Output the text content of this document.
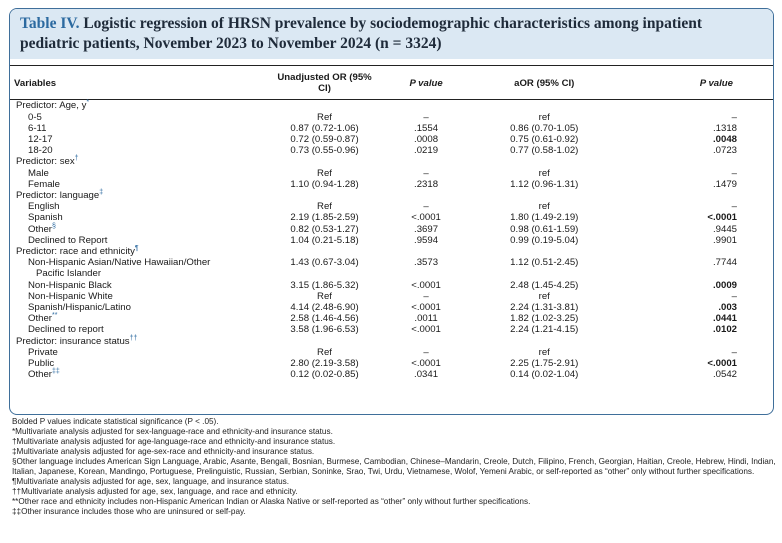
Table IV. Logistic regression of HRSN prevalence by sociodemographic characteristics among inpatient pediatric patients, November 2023 to November 2024 (n = 3324)
Variables	Unadjusted OR (95% CI)	P value	aOR (95% CI)	P value
Predictor: Age, y*				
0-5	Ref	–	ref	–
6-11	0.87 (0.72-1.06)	.1554	0.86 (0.70-1.05)	.1318
12-17	0.72 (0.59-0.87)	.0008	0.75 (0.61-0.92)	.0048
18-20	0.73 (0.55-0.96)	.0219	0.77 (0.58-1.02)	.0723
Predictor: sex†				
Male	Ref	–	ref	–
Female	1.10 (0.94-1.28)	.2318	1.12 (0.96-1.31)	.1479
Predictor: language‡				
English	Ref	–	ref	–
Spanish	2.19 (1.85-2.59)	<.0001	1.80 (1.49-2.19)	<.0001
Other§	0.82 (0.53-1.27)	.3697	0.98 (0.61-1.59)	.9445
Declined to Report	1.04 (0.21-5.18)	.9594	0.99 (0.19-5.04)	.9901
Predictor: race and ethnicity¶				
Non-Hispanic Asian/Native Hawaiian/Other	1.43 (0.67-3.04)	.3573	1.12 (0.51-2.45)	.7744
Pacific Islander				
Non-Hispanic Black	3.15 (1.86-5.32)	<.0001	2.48 (1.45-4.25)	.0009
Non-Hispanic White	Ref	–	ref	–
Spanish/Hispanic/Latino	4.14 (2.48-6.90)	<.0001	2.24 (1.31-3.81)	.003
Other**	2.58 (1.46-4.56)	.0011	1.82 (1.02-3.25)	.0441
Declined to report	3.58 (1.96-6.53)	<.0001	2.24 (1.21-4.15)	.0102
Predictor: insurance status††				
Private	Ref	–	ref	–
Public	2.80 (2.19-3.58)	<.0001	2.25 (1.75-2.91)	<.0001
Other‡‡	0.12 (0.02-0.85)	.0341	0.14 (0.02-1.04)	.0542
Bolded P values indicate statistical significance (P < .05).
*Multivariate analysis adjusted for sex-language-race and ethnicity-and insurance status.
†Multivariate analysis adjusted for age-language-race and ethnicity-and insurance status.
‡Multivariate analysis adjusted for age-sex-race and ethnicity-and insurance status.
§Other language includes American Sign Language, Arabic, Asante, Bengali, Bosnian, Burmese, Cambodian, Chinese–Mandarin, Creole, Dutch, Filipino, French, Georgian, Haitian, Creole, Hebrew, Hindi, Indian, Italian, Japanese, Korean, Mandingo, Portuguese, Prelinguistic, Russian, Serbian, Soninke, Srao, Twi, Urdu, Vietnamese, Wolof, Yemeni Arabic, or self-reported as “other” only without further specifications.
¶Multivariate analysis adjusted for age, sex, language, and insurance status.
††Multivariate analysis adjusted for age, sex, language, and race and ethnicity.
**Other race and ethnicity includes non-Hispanic American Indian or Alaska Native or self-reported as “other” only without further specifications.
‡‡Other insurance includes those who are uninsured or self-pay.
